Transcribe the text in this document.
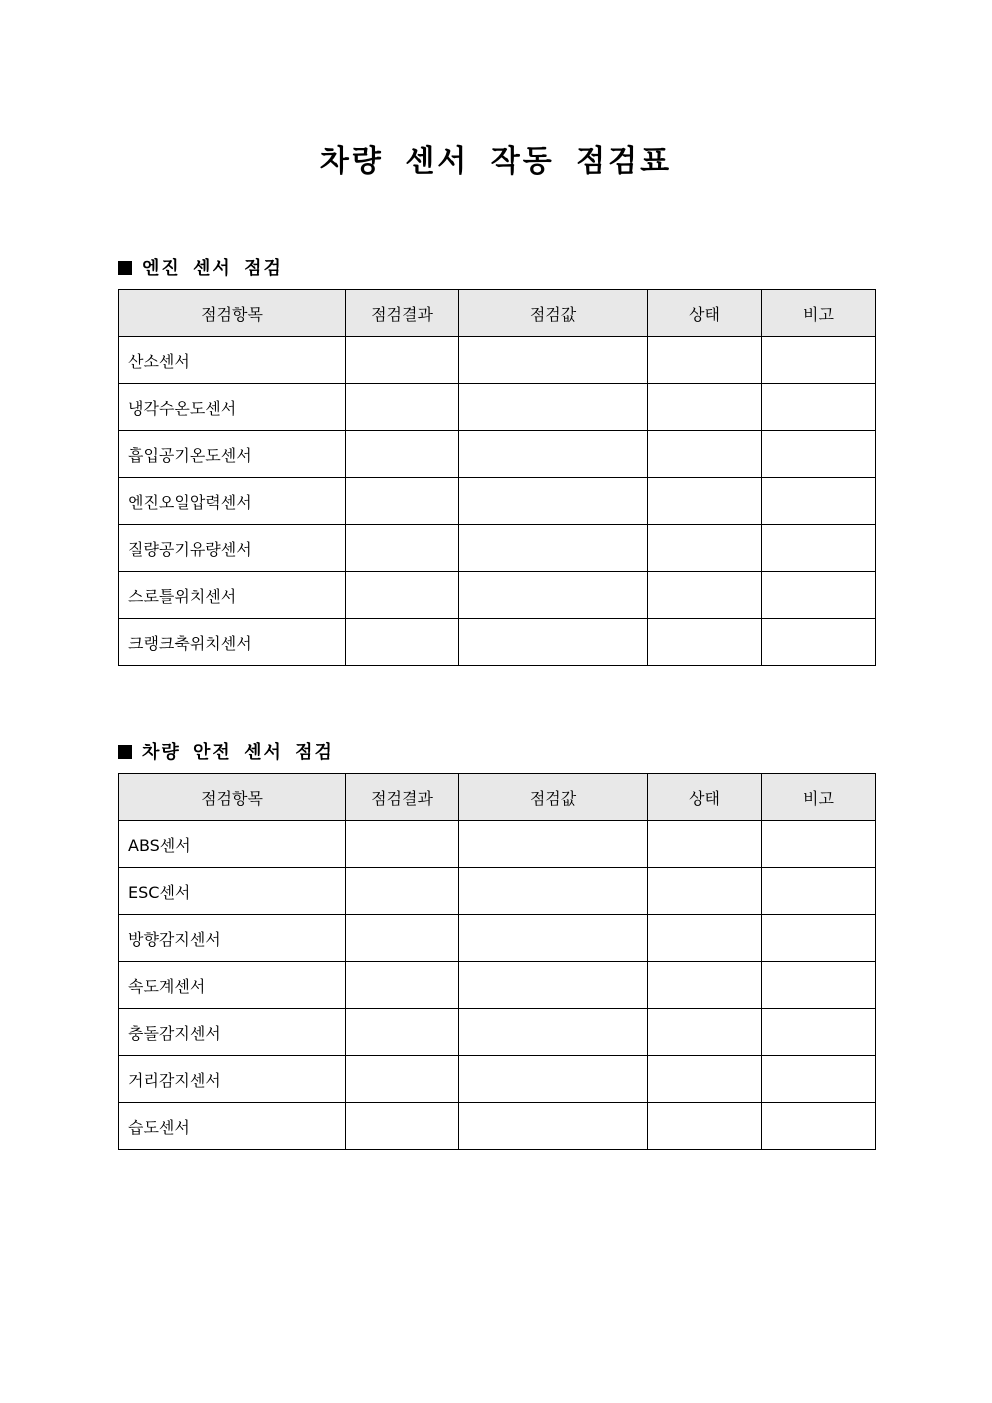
차량 센서 작동 점검표
엔진 센서 점검
점검항목	점검결과	점검값	상태	비고
산소센서				
냉각수온도센서				
흡입공기온도센서				
엔진오일압력센서				
질량공기유량센서				
스로틀위치센서				
크랭크축위치센서				
차량 안전 센서 점검
점검항목	점검결과	점검값	상태	비고
ABS센서				
ESC센서				
방향감지센서				
속도계센서				
충돌감지센서				
거리감지센서				
습도센서				
